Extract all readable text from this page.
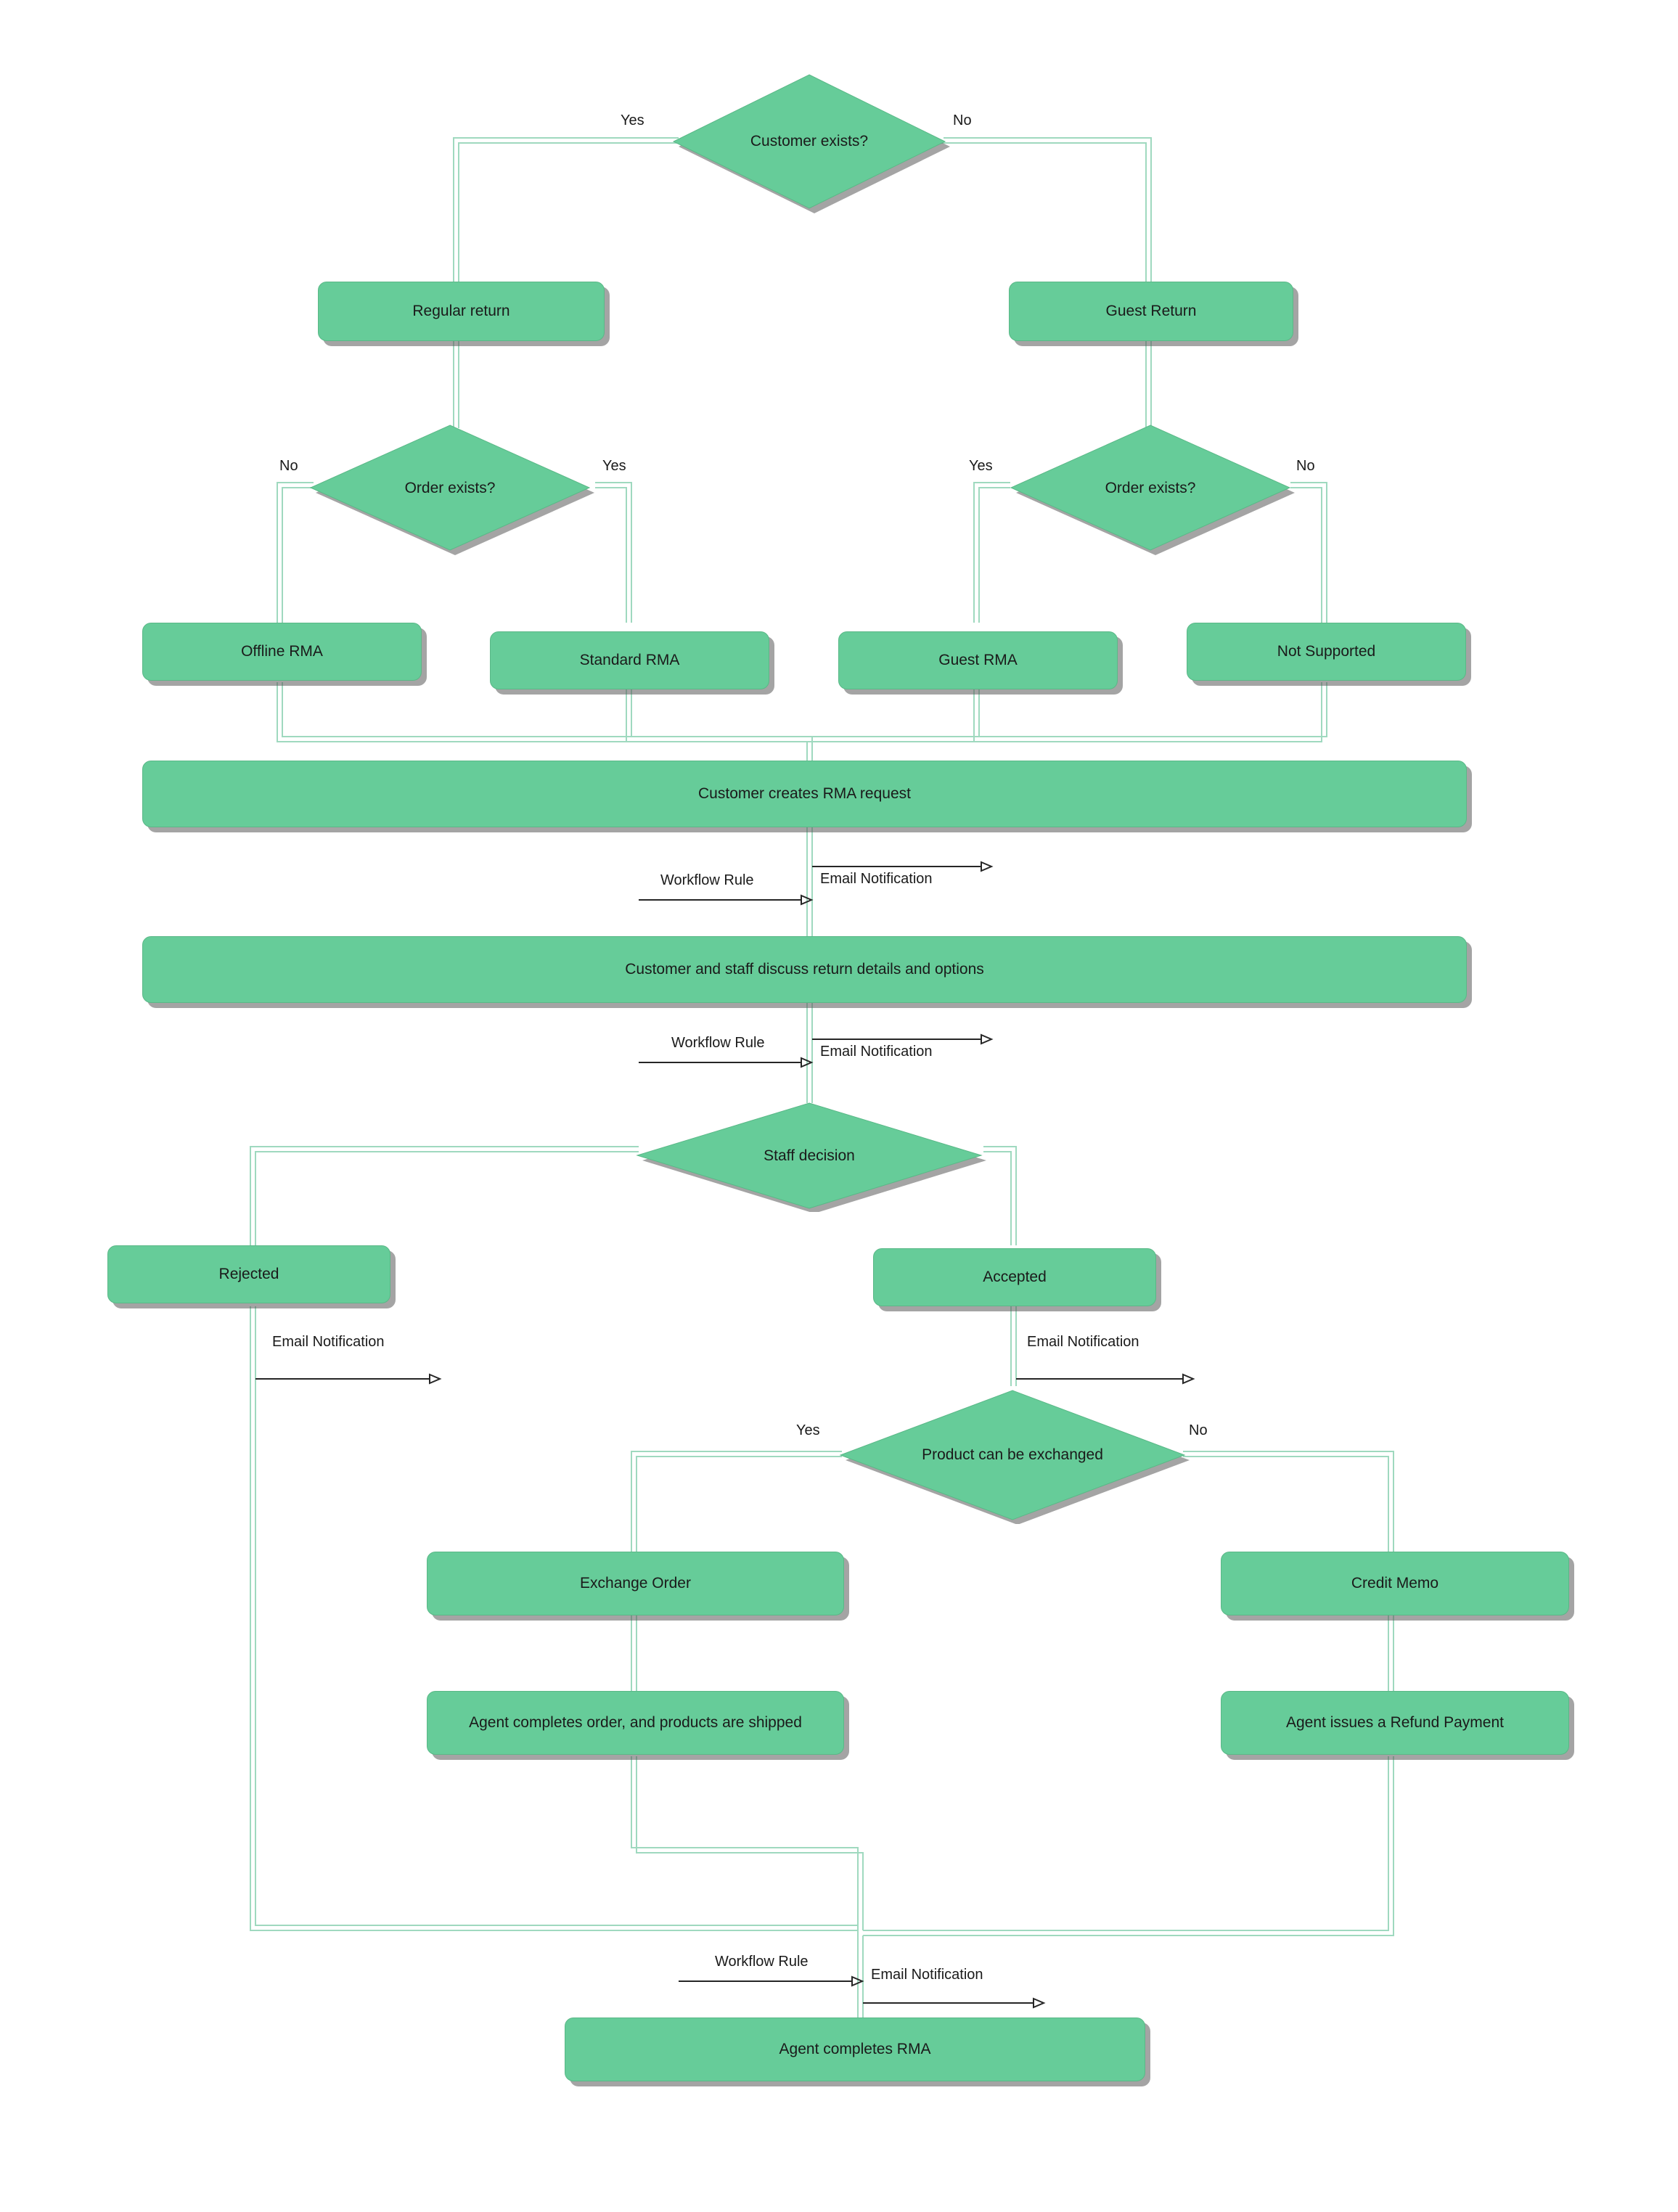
Customer exists?
Regular return	Guest Return
Order exists?	Order exists?
Offline RMA
Standard RMA	Guest RMA
Not Supported
Customer creates RMA request
Customer and staff discuss return details and options
Staff decision
Rejected	Accepted
Product can be exchanged
Exchange Order	Credit Memo
Agent completes order, and products are shipped	Agent issues a Refund Payment
Agent completes RMA
Yes	No
No	Yes	Yes	No
Workflow Rule	Email Notification
Workflow Rule
Email Notification
Email Notification	Email Notification
Yes	No
Workflow Rule
Email Notification
